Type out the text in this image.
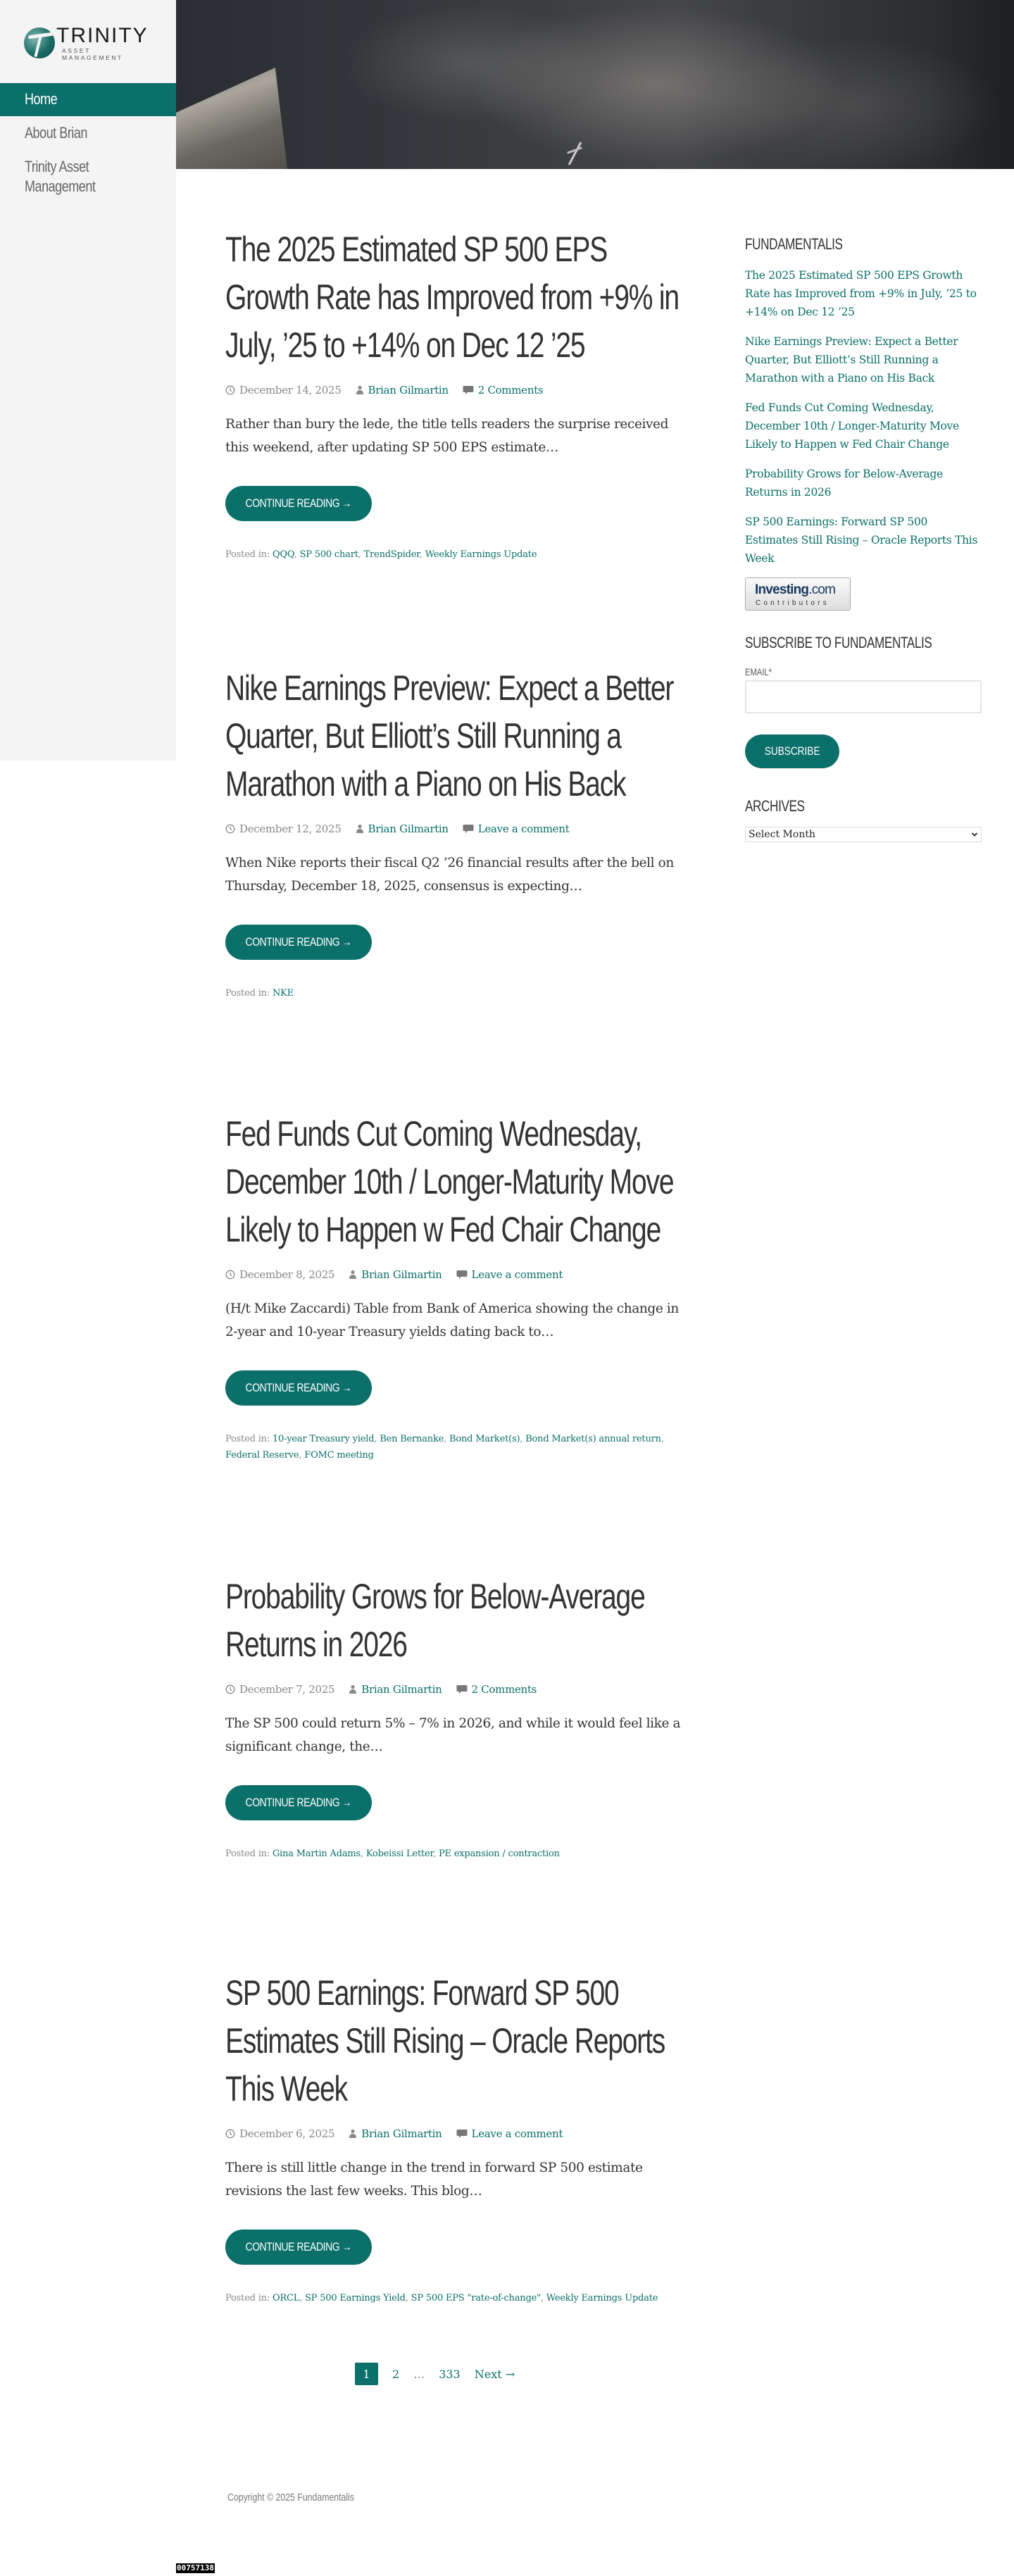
TRINITY
ASSET MANAGEMENT
Home
About Brian
Trinity Asset Management
The 2025 Estimated SP 500 EPS Growth Rate has Improved from +9% in July, ’25 to +14% on Dec 12 ’25
December 14, 2025	Brian Gilmartin	2 Comments

Rather than bury the lede, the title tells readers the surprise received this weekend, after updating SP 500 EPS estimate…

CONTINUE READING →
Posted in: QQQ, SP 500 chart, TrendSpider, Weekly Earnings Update
Nike Earnings Preview: Expect a Better Quarter, But Elliott’s Still Running a Marathon with a Piano on His Back
December 12, 2025	Brian Gilmartin	Leave a comment

When Nike reports their fiscal Q2 ’26 financial results after the bell on Thursday, December 18, 2025, consensus is expecting…

CONTINUE READING →
Posted in: NKE
Fed Funds Cut Coming Wednesday, December 10th / Longer-Maturity Move Likely to Happen w Fed Chair Change
December 8, 2025	Brian Gilmartin	Leave a comment

(H/t Mike Zaccardi) Table from Bank of America showing the change in 2-year and 10-year Treasury yields dating back to…

CONTINUE READING →
Posted in: 10-year Treasury yield, Ben Bernanke, Bond Market(s), Bond Market(s) annual return, Federal Reserve, FOMC meeting
Probability Grows for Below-Average Returns in 2026
December 7, 2025	Brian Gilmartin	2 Comments

The SP 500 could return 5% – 7% in 2026, and while it would feel like a significant change, the…

CONTINUE READING →
Posted in: Gina Martin Adams, Kobeissi Letter, PE expansion / contraction
SP 500 Earnings: Forward SP 500 Estimates Still Rising – Oracle Reports This Week
December 6, 2025	Brian Gilmartin	Leave a comment

There is still little change in the trend in forward SP 500 estimate revisions the last few weeks. This blog…

CONTINUE READING →
Posted in: ORCL, SP 500 Earnings Yield, SP 500 EPS "rate-of-change", Weekly Earnings Update
1	2 … 333 Next →
FUNDAMENTALIS
The 2025 Estimated SP 500 EPS Growth Rate has Improved from +9% in July, ’25 to +14% on Dec 12 ’25
Nike Earnings Preview: Expect a Better Quarter, But Elliott’s Still Running a Marathon with a Piano on His Back
Fed Funds Cut Coming Wednesday, December 10th / Longer-Maturity Move Likely to Happen w Fed Chair Change
Probability Grows for Below-Average Returns in 2026
SP 500 Earnings: Forward SP 500 Estimates Still Rising – Oracle Reports This Week
Investing.com
Contributors
SUBSCRIBE TO FUNDAMENTALIS
EMAIL*
SUBSCRIBE
ARCHIVES
Select Month
Copyright © 2025 Fundamentalis
00757138
